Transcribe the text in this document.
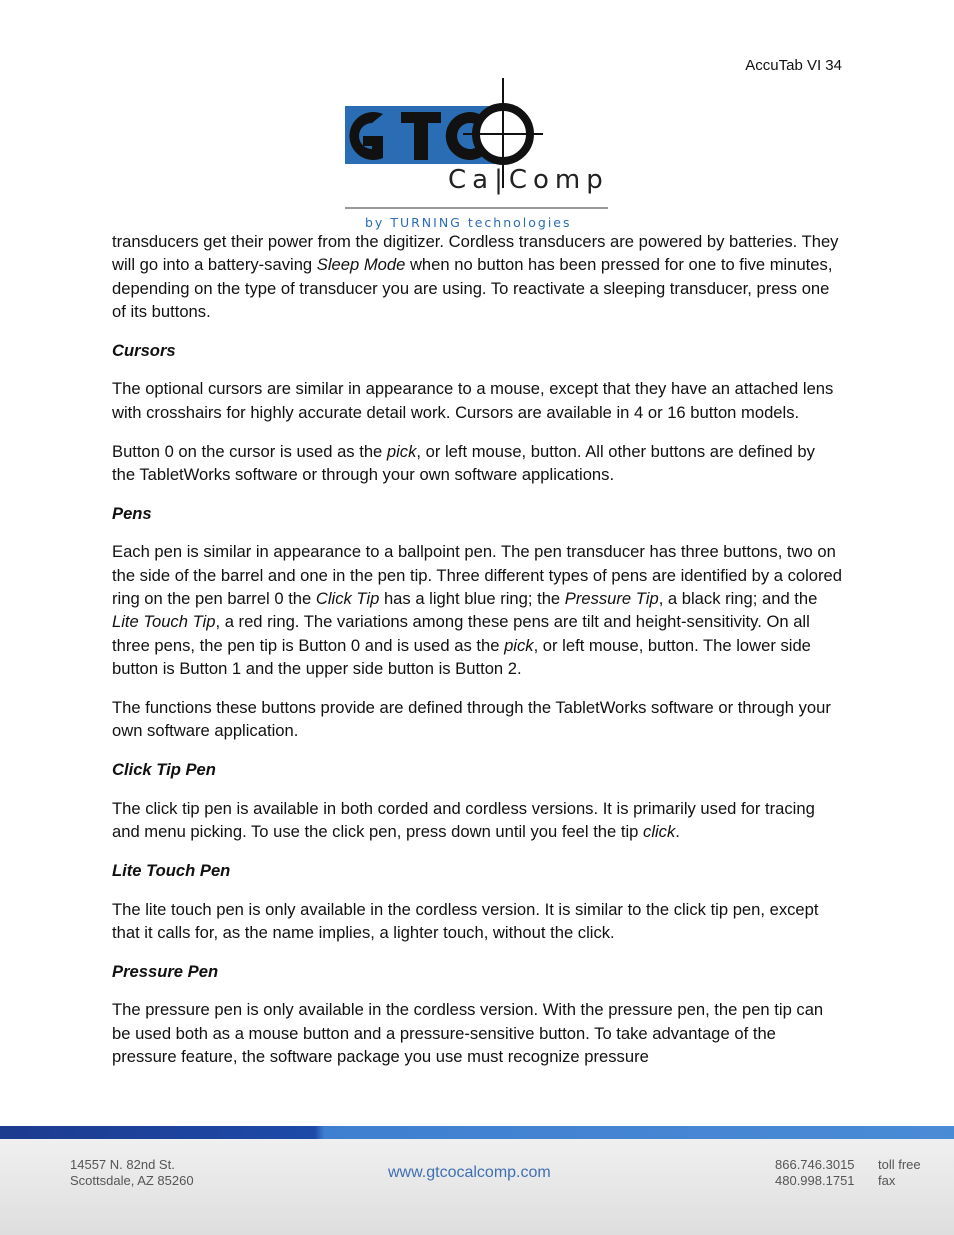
AccuTab VI 34
Ca|Comp
by TURNING technologies

transducers get their power from the digitizer. Cordless transducers are powered by batteries. They will go into a battery-saving Sleep Mode when no button has been pressed for one to five minutes, depending on the type of transducer you are using. To reactivate a sleeping transducer, press one of its buttons.

Cursors

The optional cursors are similar in appearance to a mouse, except that they have an attached lens with crosshairs for highly accurate detail work. Cursors are available in 4 or 16 button models.

Button 0 on the cursor is used as the pick, or left mouse, button. All other buttons are defined by the TabletWorks software or through your own software applications.

Pens

Each pen is similar in appearance to a ballpoint pen. The pen transducer has three buttons, two on the side of the barrel and one in the pen tip. Three different types of pens are identified by a colored ring on the pen barrel 0 the Click Tip has a light blue ring; the Pressure Tip, a black ring; and the Lite Touch Tip, a red ring. The variations among these pens are tilt and height-sensitivity. On all three pens, the pen tip is Button 0 and is used as the pick, or left mouse, button. The lower side button is Button 1 and the upper side button is Button 2.

The functions these buttons provide are defined through the TabletWorks software or through your own software application.

Click Tip Pen

The click tip pen is available in both corded and cordless versions. It is primarily used for tracing and menu picking. To use the click pen, press down until you feel the tip click.

Lite Touch Pen

The lite touch pen is only available in the cordless version. It is similar to the click tip pen, except that it calls for, as the name implies, a lighter touch, without the click.

Pressure Pen

The pressure pen is only available in the cordless version. With the pressure pen, the pen tip can be used both as a mouse button and a pressure-sensitive button. To take advantage of the pressure feature, the software package you use must recognize pressure

14557 N. 82nd St.
Scottsdale, AZ 85260	www.gtcocalcomp.com	866.746.3015
480.998.1751
toll free
fax
